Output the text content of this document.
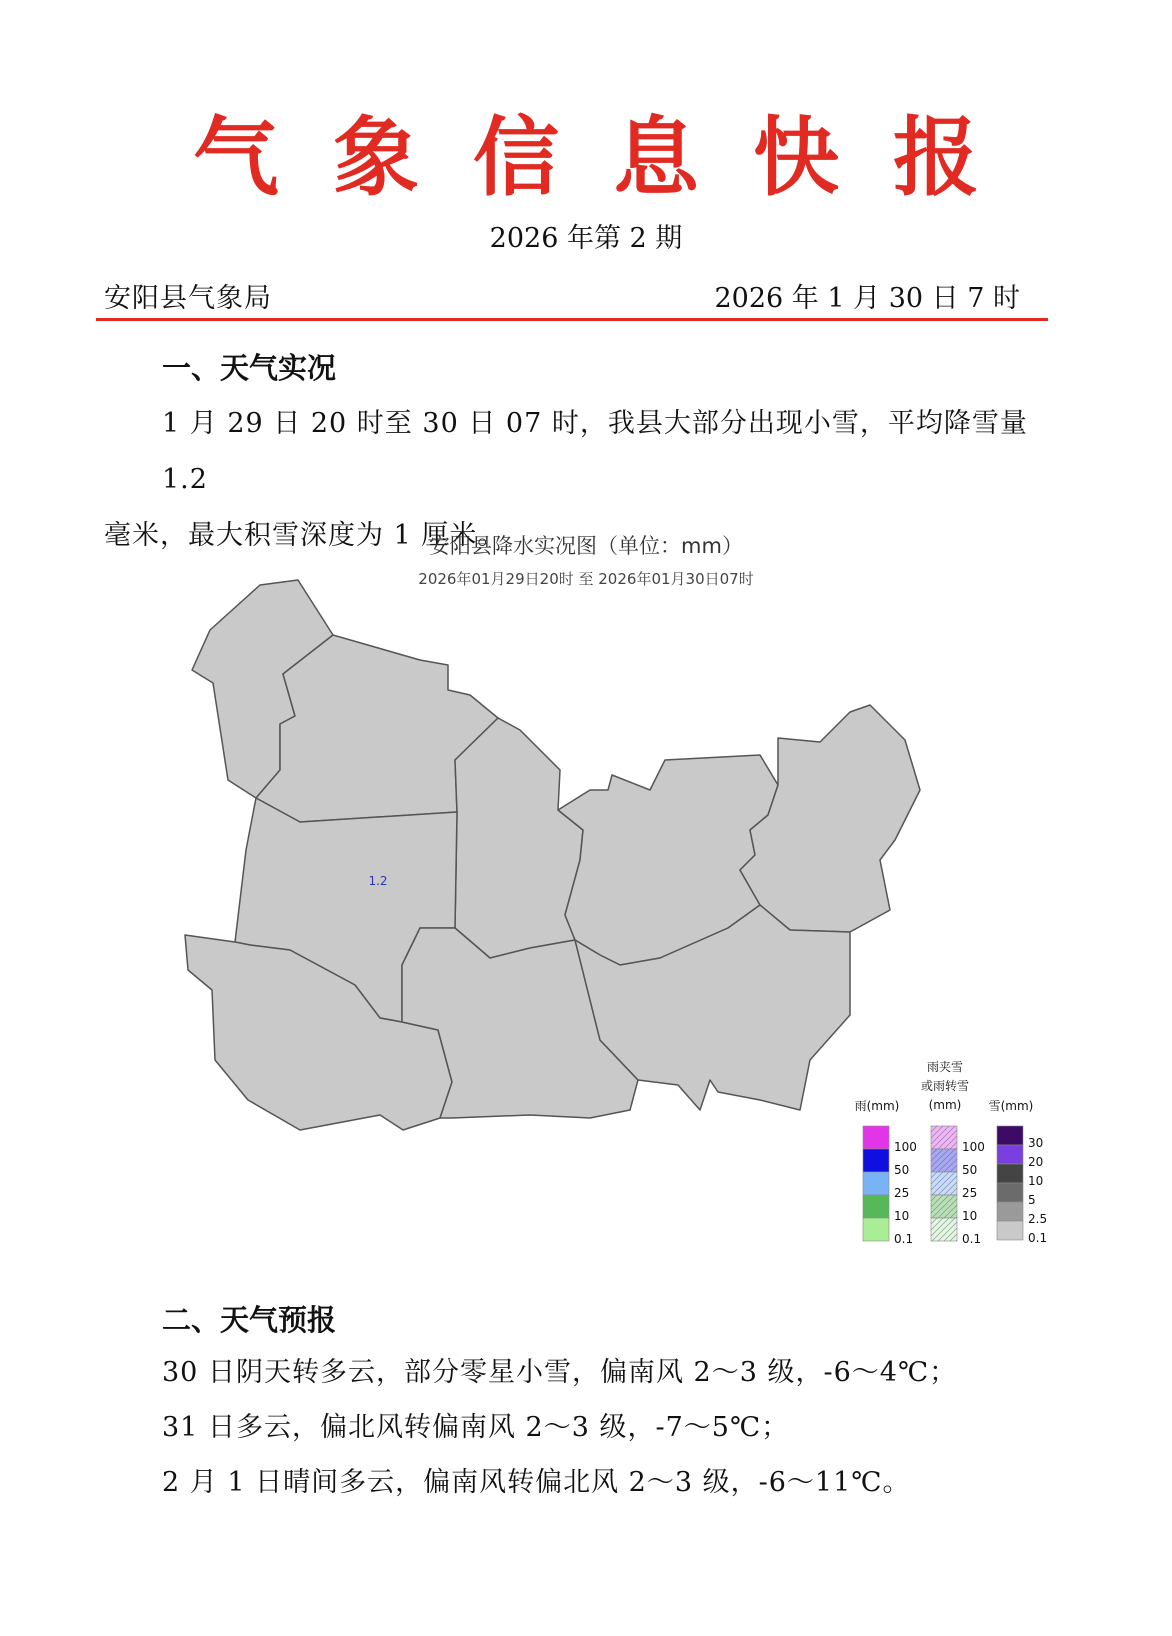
气象信息快报
2026 年第 2 期
安阳县气象局	2026 年 1 月 30 日 7 时
一、天气实况
1 月 29 日 20 时至 30 日 07 时，我县大部分出现小雪，平均降雪量 1.2
毫米，最大积雪深度为 1 厘米。
安阳县降水实况图（单位：mm）
2026年01月29日20时 至 2026年01月30日07时
1.2
雨(mm)
雨夹雪
或雨转雪
(mm) 雪(mm)
100
50
25
10
0.1
100
50
25
10
0.1
30
20
10
5
2.5
0.1
二、天气预报
30 日阴天转多云，部分零星小雪，偏南风 2～3 级，-6～4℃；
31 日多云，偏北风转偏南风 2～3 级，-7～5℃；
2 月 1 日晴间多云，偏南风转偏北风 2～3 级，-6～11℃。
